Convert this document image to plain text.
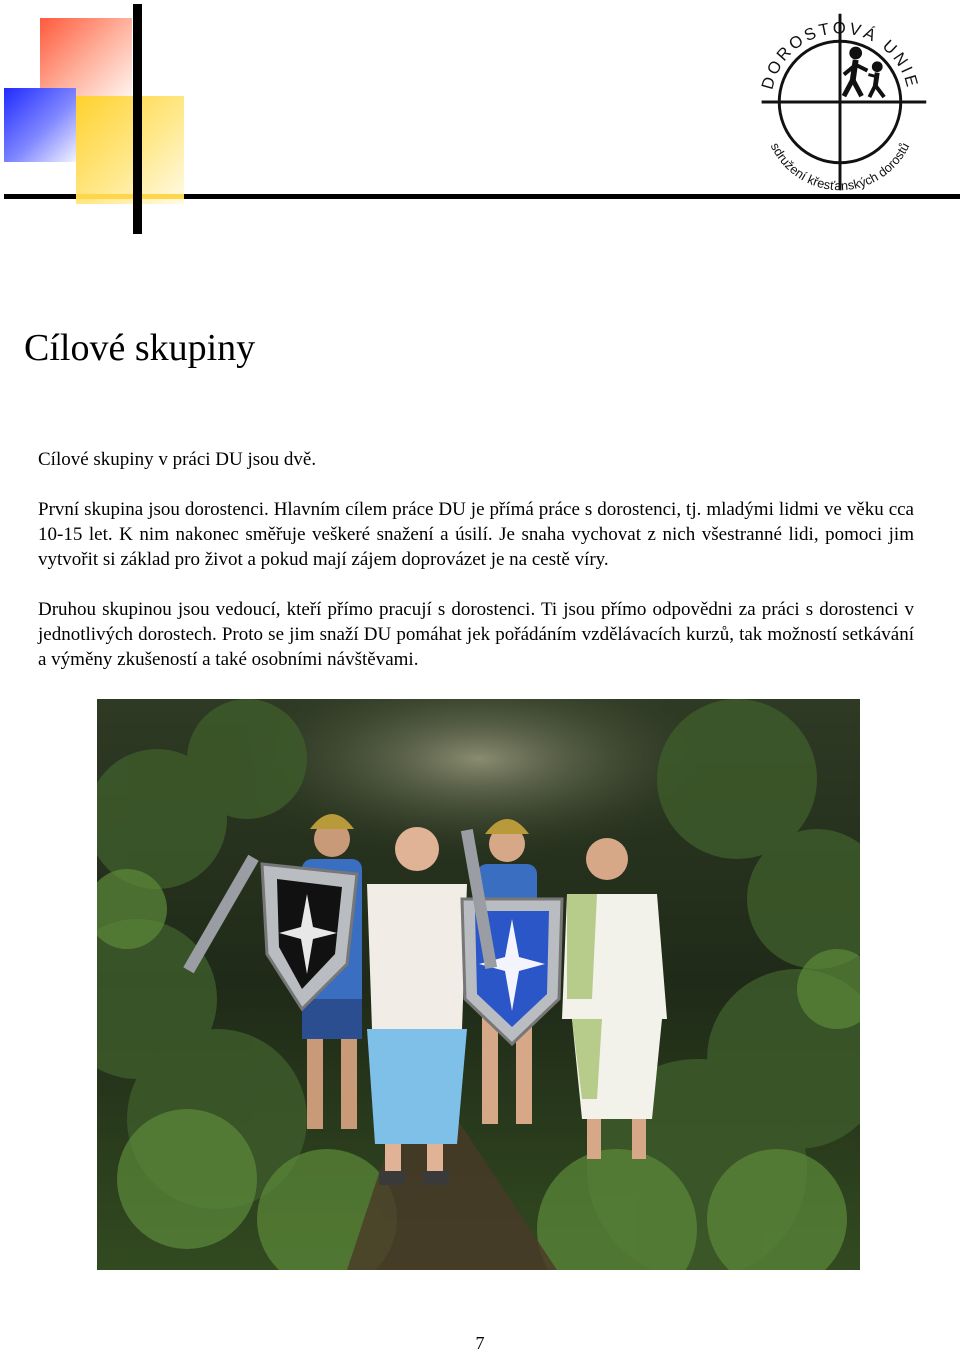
DOROSTOVÁ UNIE
sdružení křesťanských dorostů
Cílové skupiny

Cílové skupiny v práci DU jsou dvě.

První skupina jsou dorostenci. Hlavním cílem práce DU je přímá práce s dorostenci, tj. mladými lidmi ve věku cca 10-15 let. K nim nakonec směřuje veškeré snažení a úsilí. Je snaha vychovat z nich všestranné lidi, pomoci jim vytvořit si základ pro život a pokud mají zájem doprovázet je na cestě víry.

Druhou skupinou jsou vedoucí, kteří přímo pracují s dorostenci. Ti jsou přímo odpovědni za práci s dorostenci v jednotlivých dorostech. Proto se jim snaží DU pomáhat jek pořádáním vzdělávacích kurzů, tak možností setkávání a výměny zkušeností a také osobními návštěvami.

7
